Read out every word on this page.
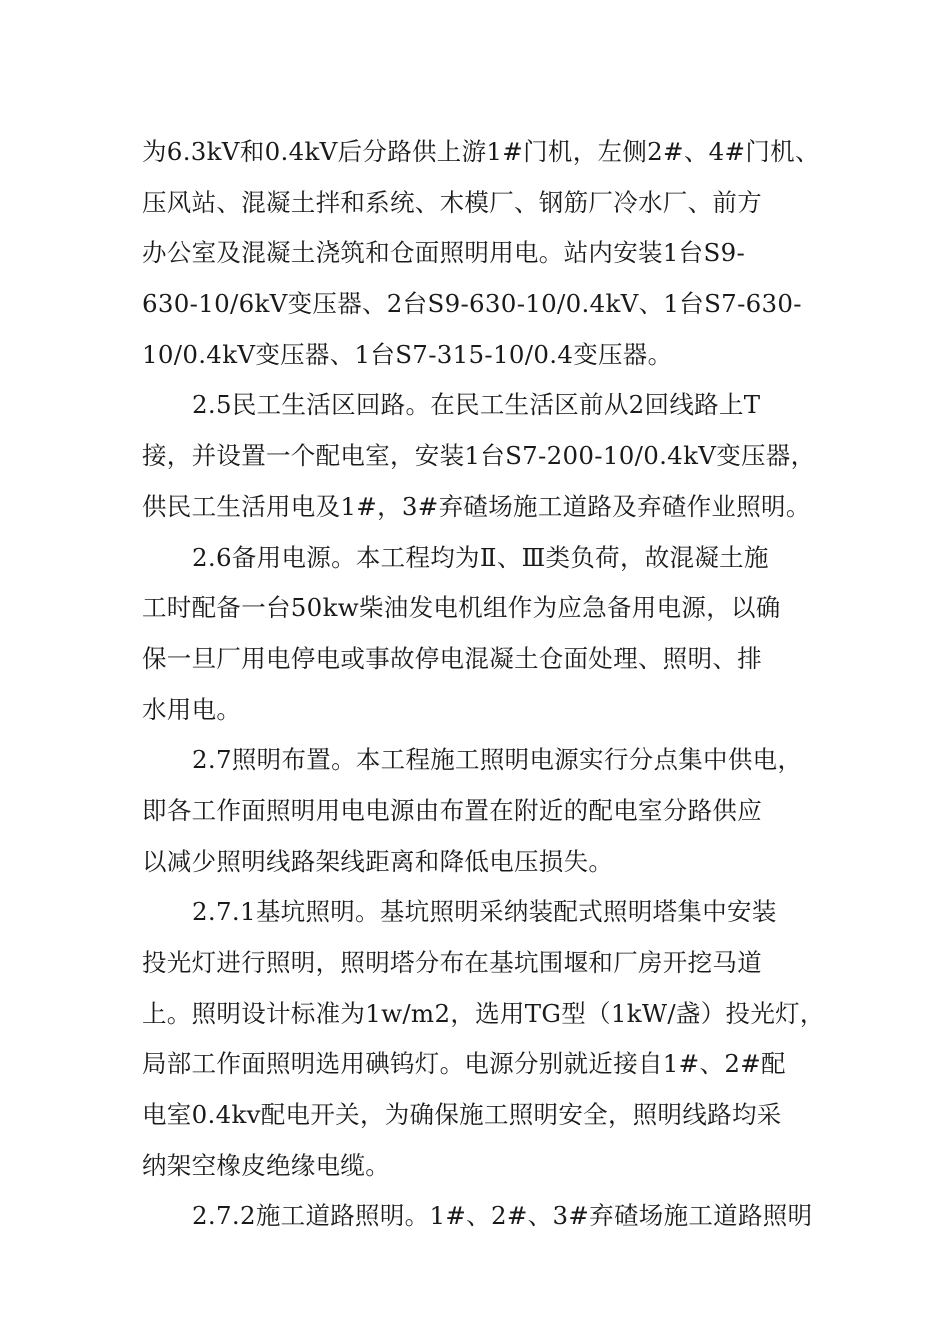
为6.3kV和0.4kV后分路供上游1#门机，左侧2#、4#门机、
压风站、混凝土拌和系统、木模厂、钢筋厂冷水厂、前方
办公室及混凝土浇筑和仓面照明用电。站内安装1台S9-
630-10/6kV变压器、2台S9-630-10/0.4kV、1台S7-630-
10/0.4kV变压器、1台S7-315-10/0.4变压器。
2.5民工生活区回路。在民工生活区前从2回线路上T
接，并设置一个配电室，安装1台S7-200-10/0.4kV变压器，
供民工生活用电及1#，3#弃碴场施工道路及弃碴作业照明。
2.6备用电源。本工程均为Ⅱ、Ⅲ类负荷，故混凝土施
工时配备一台50kw柴油发电机组作为应急备用电源，以确
保一旦厂用电停电或事故停电混凝土仓面处理、照明、排
水用电。
2.7照明布置。本工程施工照明电源实行分点集中供电，
即各工作面照明用电电源由布置在附近的配电室分路供应
以减少照明线路架线距离和降低电压损失。
2.7.1基坑照明。基坑照明采纳装配式照明塔集中安装
投光灯进行照明，照明塔分布在基坑围堰和厂房开挖马道
上。照明设计标准为1w/m2，选用TG型（1kW/盏）投光灯，
局部工作面照明选用碘钨灯。电源分别就近接自1#、2#配
电室0.4kv配电开关，为确保施工照明安全，照明线路均采
纳架空橡皮绝缘电缆。
2.7.2施工道路照明。1#、2#、3#弃碴场施工道路照明
